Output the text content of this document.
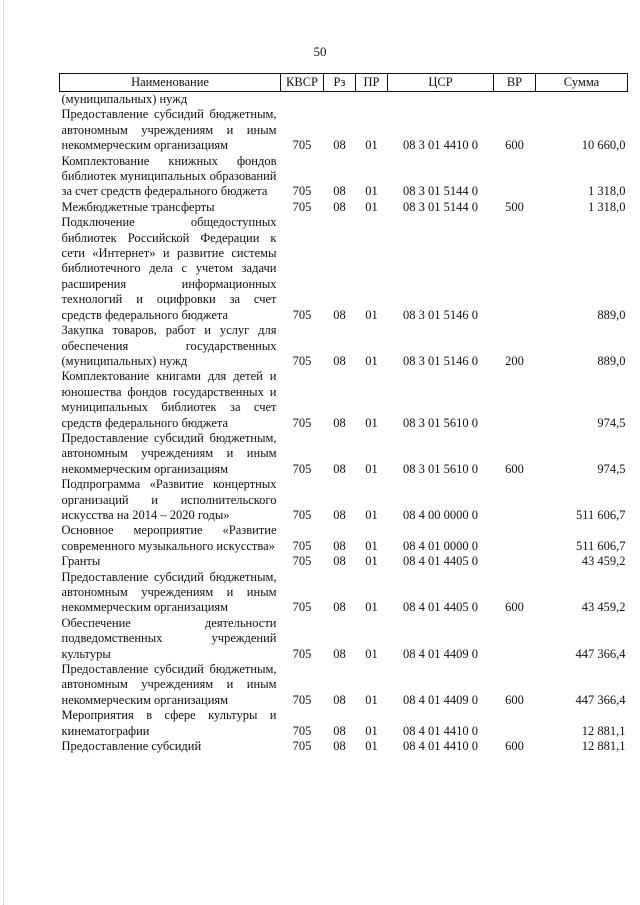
50
Наименование	КВСР	Рз	ПР	ЦСР	ВР	Сумма
(муниципальных) нужд						
Предоставление субсидий бюджетным, автономным учреждениям и иным некоммерческим организациям	705	08	01	08 3 01 4410 0	600	10 660,0
Комплектование книжных фондов библиотек муниципальных образований за счет средств федерального бюджета	705	08	01	08 3 01 5144 0		1 318,0
Межбюджетные трансферты	705	08	01	08 3 01 5144 0	500	1 318,0
Подключение общедоступных библиотек Российской Федерации к сети «Интернет» и развитие системы библиотечного дела с учетом задачи расширения информационных технологий и оцифровки за счет средств федерального бюджета	705	08	01	08 3 01 5146 0		889,0
Закупка товаров, работ и услуг для обеспечения государственных (муниципальных) нужд	705	08	01	08 3 01 5146 0	200	889,0
Комплектование книгами для детей и юношества фондов государственных и муниципальных библиотек за счет средств федерального бюджета	705	08	01	08 3 01 5610 0		974,5
Предоставление субсидий бюджетным, автономным учреждениям и иным некоммерческим организациям	705	08	01	08 3 01 5610 0	600	974,5
Подпрограмма «Развитие концертных организаций и исполнительского искусства на 2014 – 2020 годы»	705	08	01	08 4 00 0000 0		511 606,7
Основное мероприятие «Развитие современного музыкального искусства»	705	08	01	08 4 01 0000 0		511 606,7
Гранты	705	08	01	08 4 01 4405 0		43 459,2
Предоставление субсидий бюджетным, автономным учреждениям и иным некоммерческим организациям	705	08	01	08 4 01 4405 0	600	43 459,2
Обеспечение деятельности подведомственных учреждений культуры	705	08	01	08 4 01 4409 0		447 366,4
Предоставление субсидий бюджетным, автономным учреждениям и иным некоммерческим организациям	705	08	01	08 4 01 4409 0	600	447 366,4
Мероприятия в сфере культуры и кинематографии	705	08	01	08 4 01 4410 0		12 881,1
Предоставление субсидий	705	08	01	08 4 01 4410 0	600	12 881,1
